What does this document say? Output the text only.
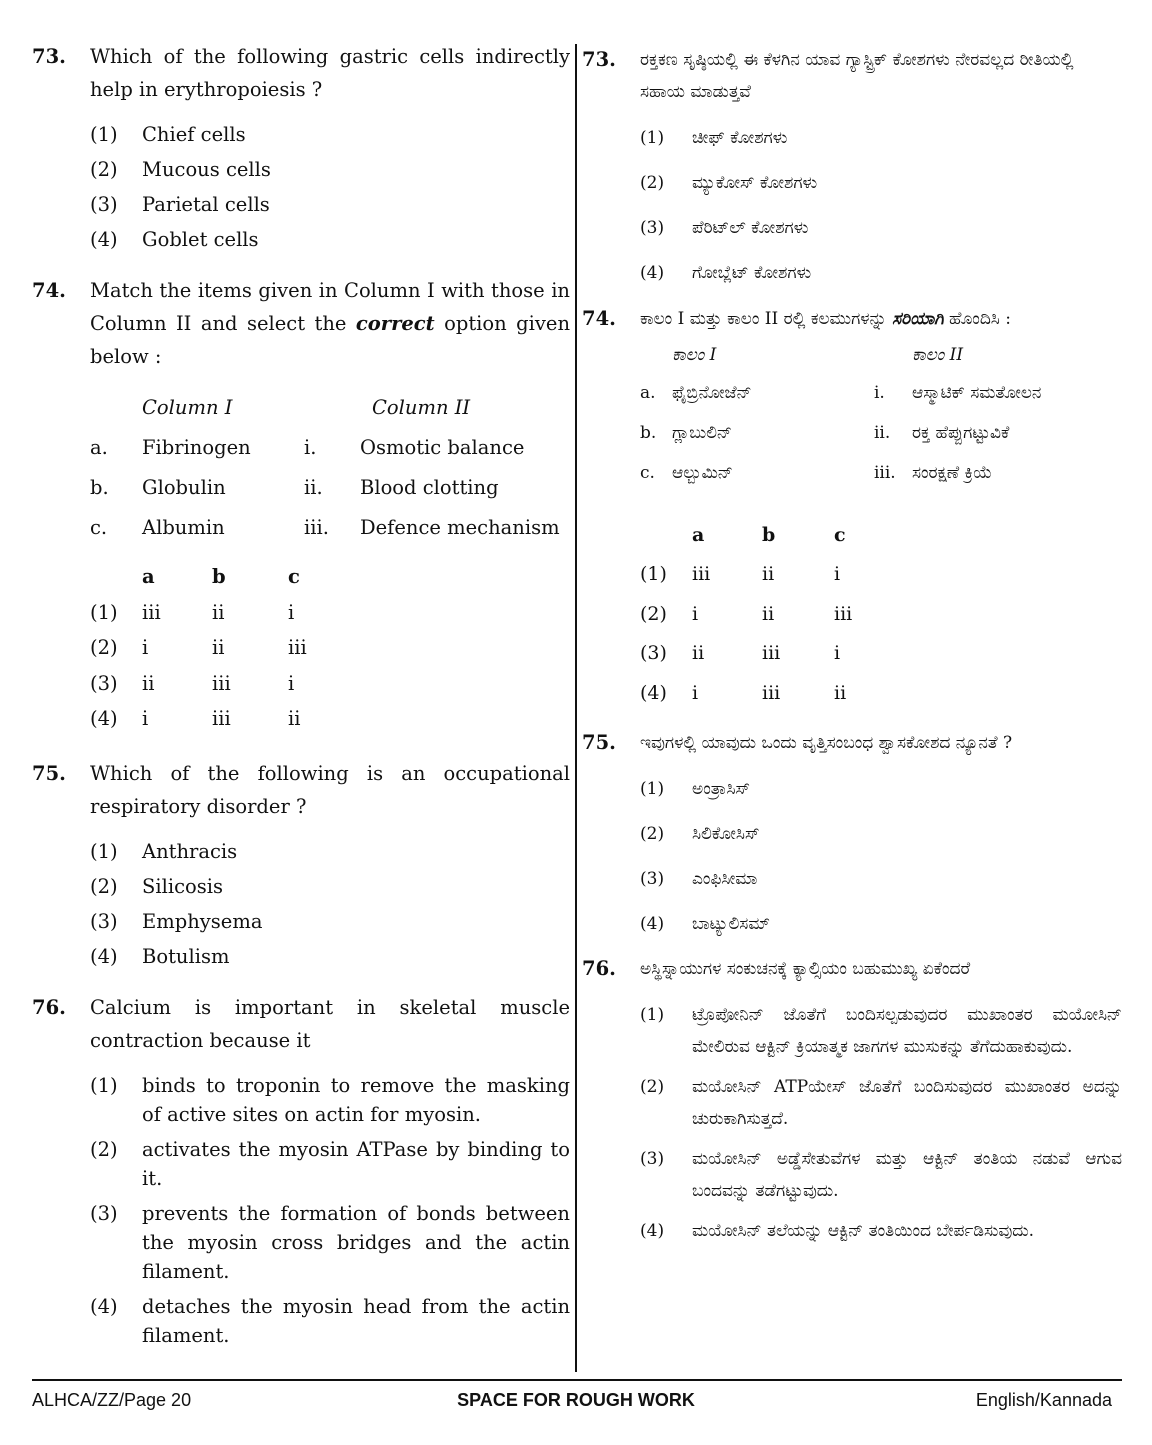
73.	Which of the following gastric cells indirectly help in erythropoiesis ?
(1)	Chief cells
(2)	Mucous cells
(3)	Parietal cells
(4)	Goblet cells
74.	Match the items given in Column I with those in Column II and select the correct option given below :
Column I	Column II
a.	Fibrinogen	i.	Osmotic balance
b.	Globulin	ii.	Blood clotting
c.	Albumin	iii.	Defence mechanism
a	b	c
(1)	iii	ii	i
(2)	i	ii	iii
(3)	ii	iii	i
(4)	i	iii	ii
75.	Which of the following is an occupational respiratory disorder ?
(1)	Anthracis
(2)	Silicosis
(3)	Emphysema
(4)	Botulism
76.	Calcium is important in skeletal muscle contraction because it
(1)	binds to troponin to remove the masking of active sites on actin for myosin.
(2)	activates the myosin ATPase by binding to it.
(3)	prevents the formation of bonds between the myosin cross bridges and the actin filament.
(4)	detaches the myosin head from the actin filament.
73.	ರಕ್ತಕಣ ಸೃಷ್ಠಿಯಲ್ಲಿ ಈ ಕೆಳಗಿನ ಯಾವ ಗ್ಯಾಸ್ಟ್ರಿಕ್ ಕೋಶಗಳು ನೇರವಲ್ಲದ ರೀತಿಯಲ್ಲಿ ಸಹಾಯ ಮಾಡುತ್ತವೆ
(1)	ಚೀಫ್ ಕೋಶಗಳು
(2)	ಮ್ಯುಕೋಸ್ ಕೋಶಗಳು
(3)	ಪೆರಿಟ್‌ಲ್ ಕೋಶಗಳು
(4)	ಗೋಬ್ಲೆಟ್ ಕೋಶಗಳು
74.	ಕಾಲಂ I ಮತ್ತು ಕಾಲಂ II ರಲ್ಲಿ ಕಲಮುಗಳನ್ನು ಸರಿಯಾಗಿ ಹೊಂದಿಸಿ :
ಕಾಲಂ I	ಕಾಲಂ II
a. ಫೈಬ್ರಿನೋಜೆನ್	i.	ಆಸ್ಮಾಟಿಕ್ ಸಮತೋಲನ
b. ಗ್ಲಾಬುಲಿನ್	ii.	ರಕ್ತ ಹೆಪ್ಪುಗಟ್ಟುವಿಕೆ
c.	ಆಲ್ಬುಮಿನ್	iii. ಸಂರಕ್ಷಣೆ ಕ್ರಿಯೆ
a	b	c
(1)	iii	ii	i
(2)	i	ii	iii
(3)	ii	iii	i
(4)	i	iii	ii
75.	ಇವುಗಳಲ್ಲಿ ಯಾವುದು ಒಂದು ವೃತ್ತಿಸಂಬಂಧ ಶ್ವಾಸಕೋಶದ ನ್ಯೂನತೆ ?
(1)	ಅಂತ್ರಾಸಿಸ್
(2)	ಸಿಲಿಕೋಸಿಸ್
(3)	ಎಂಫಿಸೀಮಾ
(4)	ಬಾಟ್ಯುಲಿಸಮ್
76.	ಅಸ್ಥಿಸ್ನಾಯುಗಳ ಸಂಕುಚನಕ್ಕೆ ಕ್ಯಾಲ್ಸಿಯಂ ಬಹುಮುಖ್ಯ ಏಕೆಂದರೆ
(1)	ಟ್ರೊಪೋನಿನ್ ಜೊತೆಗೆ ಬಂದಿಸಲ್ಪಡುವುದರ ಮುಖಾಂತರ ಮಯೋಸಿನ್ ಮೇಲಿರುವ ಆಕ್ಟಿನ್ ಕ್ರಿಯಾತ್ಮಕ ಜಾಗಗಳ ಮುಸುಕನ್ನು ತೆಗೆದುಹಾಕುವುದು.
(2)	ಮಯೋಸಿನ್ ATPಯೇಸ್ ಜೊತೆಗೆ ಬಂದಿಸುವುದರ ಮುಖಾಂತರ ಅದನ್ನು ಚುರುಕಾಗಿಸುತ್ತದೆ.
(3)	ಮಯೋಸಿನ್ ಅಡ್ಡೆಸೇತುವೆಗಳ ಮತ್ತು ಆಕ್ಟಿನ್ ತಂತಿಯ ನಡುವೆ ಆಗುವ ಬಂದವನ್ನು ತಡೆಗಟ್ಟುವುದು.
(4)	ಮಯೋಸಿನ್ ತಲೆಯನ್ನು ಆಕ್ಟಿನ್ ತಂತಿಯಿಂದ ಬೇರ್ಪಡಿಸುವುದು.
ALHCA/ZZ/Page 20	SPACE FOR ROUGH WORK	English/Kannada
